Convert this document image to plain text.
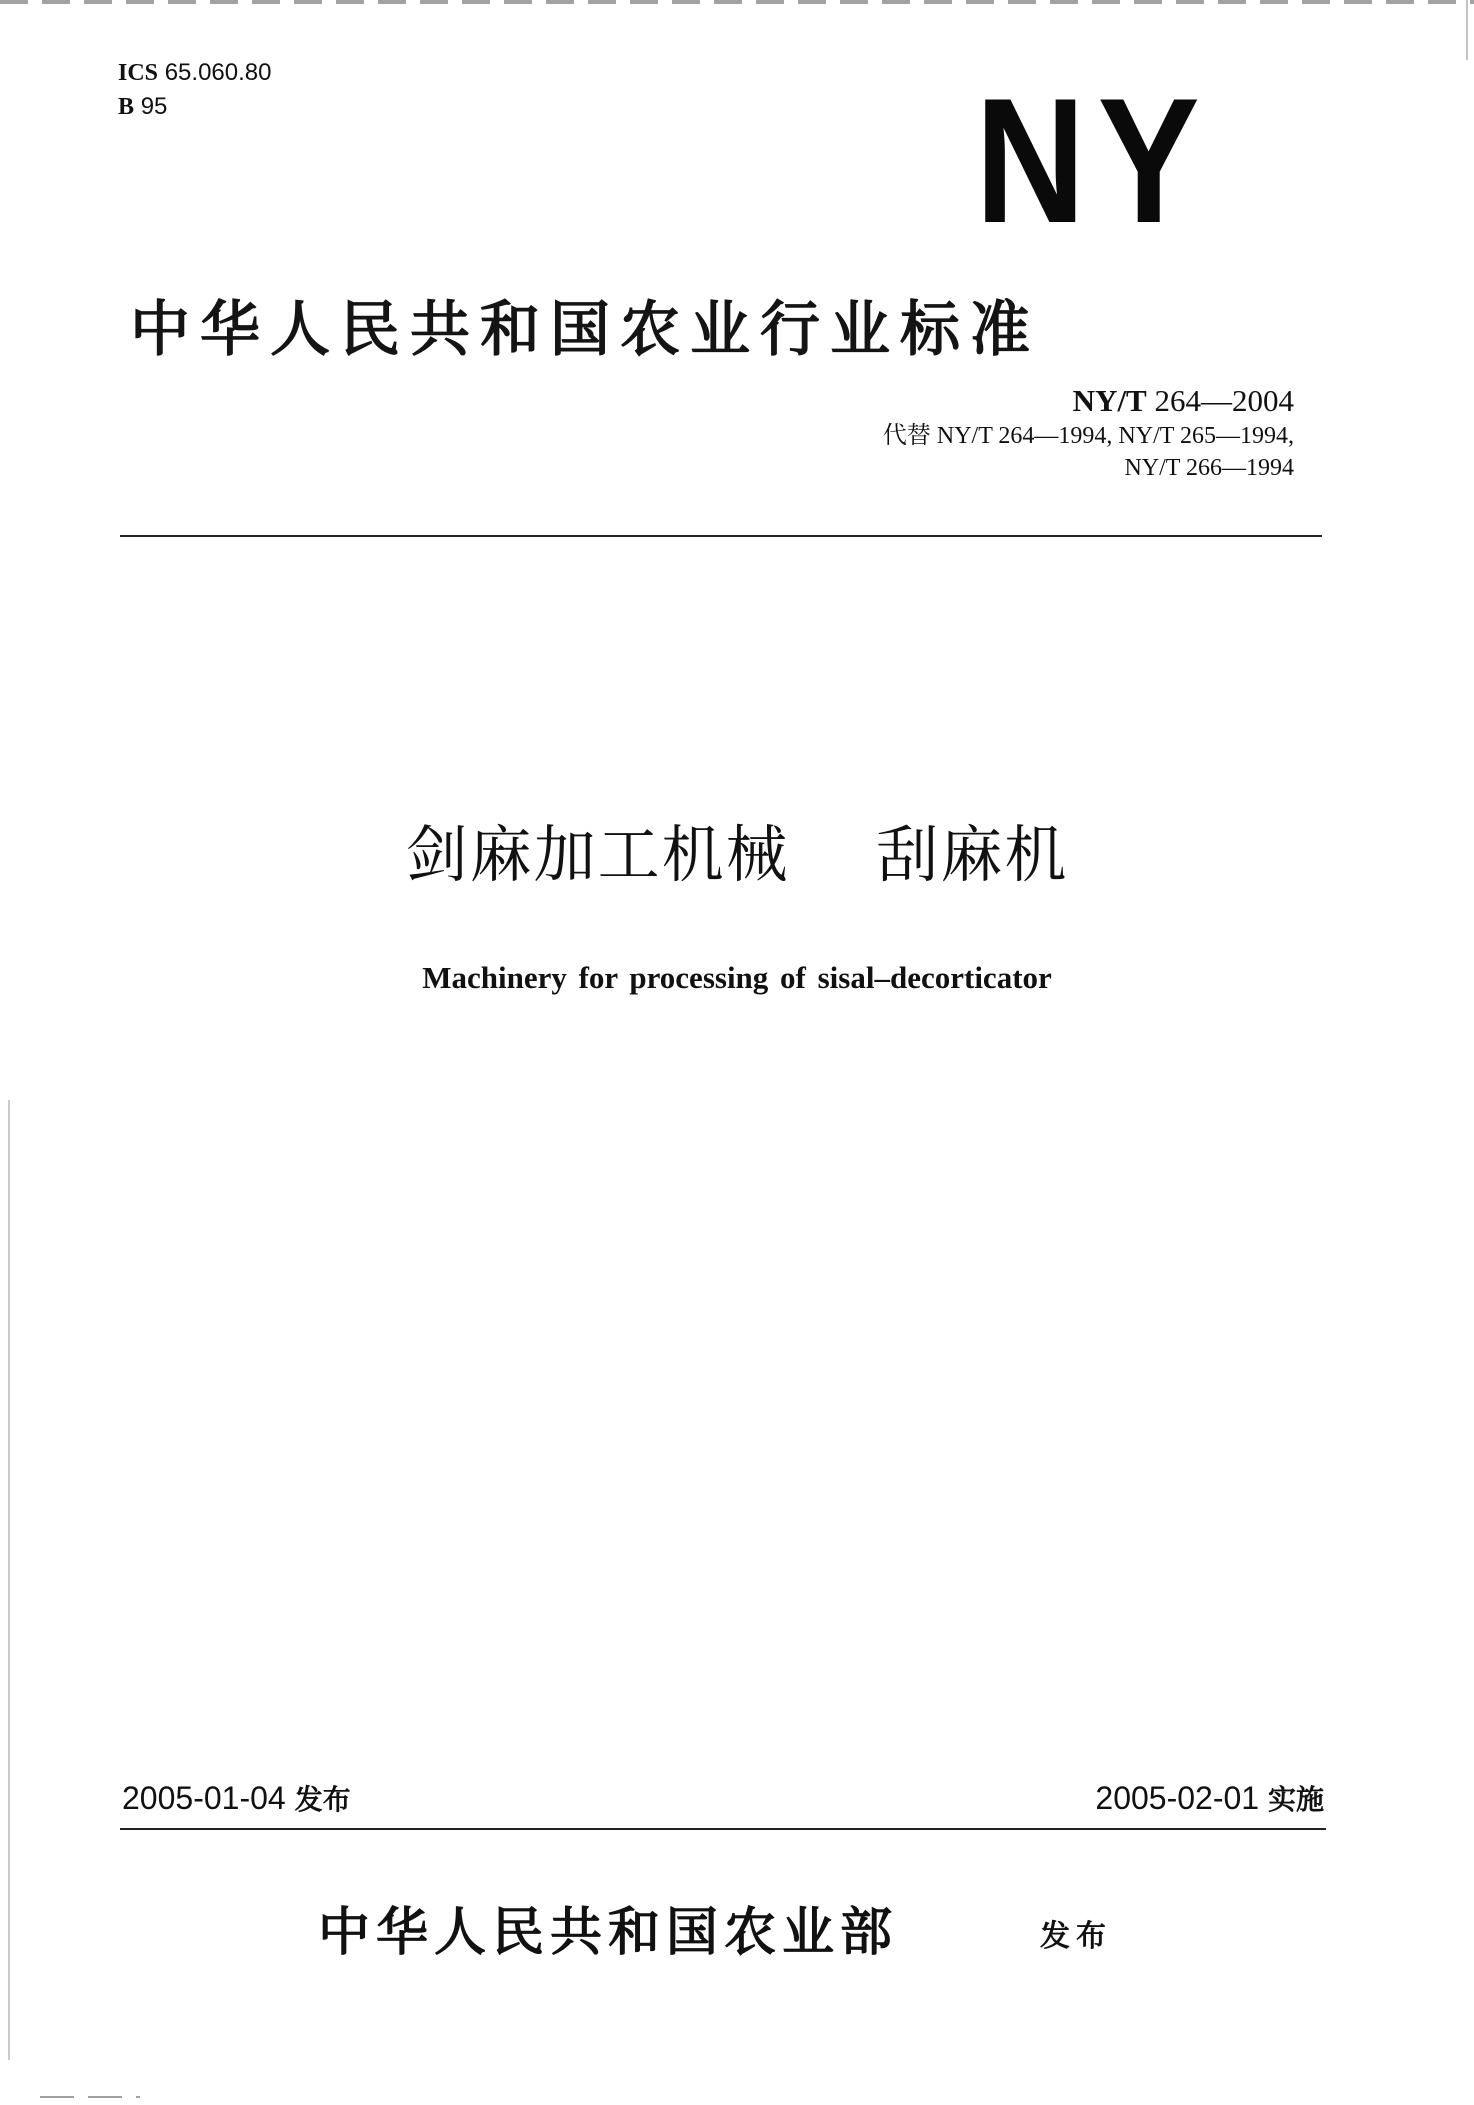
ICS 65.060.80
B 95	NY
中华人民共和国农业行业标准
NY/T 264—2004
代替 NY/T 264—1994, NY/T 265—1994,
NY/T 266—1994
剑麻加工机械    刮麻机
Machinery for processing of sisal–decorticator
2005-01-04 发布	2005-02-01 实施
中华人民共和国农业部	发布
